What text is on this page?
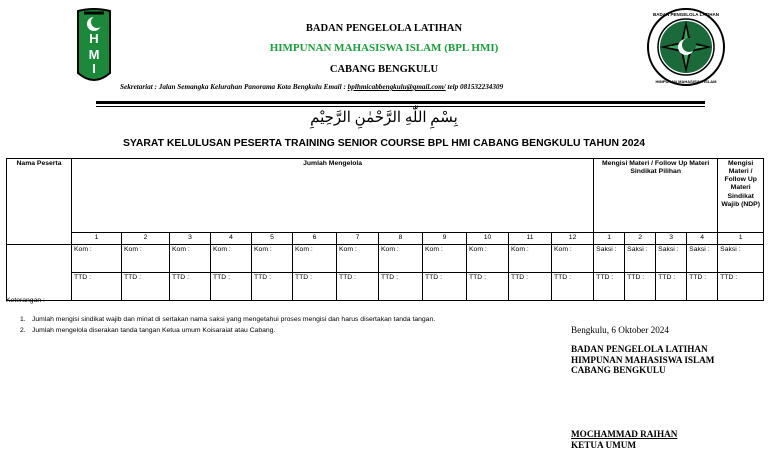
H
M
I
BADAN PENGELOLA LATIHAN
HIMPUNAN MAHASISWA ISLAM
BADAN PENGELOLA LATIHAN
HIMPUNAN MAHASISWA ISLAM (BPL HMI)
CABANG BENGKULU
Sekretariat : Jalan Semangka Kelurahan Panorama Kota Bengkulu Email : bplhmicabbengkulu@gmail.com/ telp 081532234309
بِسْمِ اللّٰهِ الرَّحْمٰنِ الرَّحِيْمِ
SYARAT KELULUSAN PESERTA TRAINING SENIOR COURSE BPL HMI CABANG BENGKULU TAHUN 2024
Nama Peserta	Jumlah Mengelola												Mengisi Materi / Follow Up Materi Sindikat Pilihan				Mengisi Materi / Follow Up Materi Sindikat Wajib (NDP)
	1	2	3	4	5	6	7	8	9	10	11	12	1	2	3	4	1
	Kom :	Kom :	Kom :	Kom :	Kom :	Kom :	Kom :	Kom :	Kom :	Kom :	Kom :	Kom :	Saksi :	Saksi :	Saksi :	Saksi :	Saksi :
	TTD :	TTD :	TTD :	TTD :	TTD :	TTD :	TTD :	TTD :	TTD :	TTD :	TTD :	TTD :	TTD :	TTD :	TTD :	TTD :	TTD :
Keterangan :
1. Jumlah mengisi sindikat wajib dan minat di sertakan nama saksi yang mengetahui proses mengisi dan harus disertakan tanda tangan.
2. Jumlah mengelola diserakan tanda tangan Ketua umum Koisaraiat atau Cabang.	Bengkulu, 6 Oktober 2024
BADAN PENGELOLA LATIHAN
HIMPUNAN MAHASISWA ISLAM
CABANG BENGKULU
MOCHAMMAD RAIHAN
KETUA UMUM
